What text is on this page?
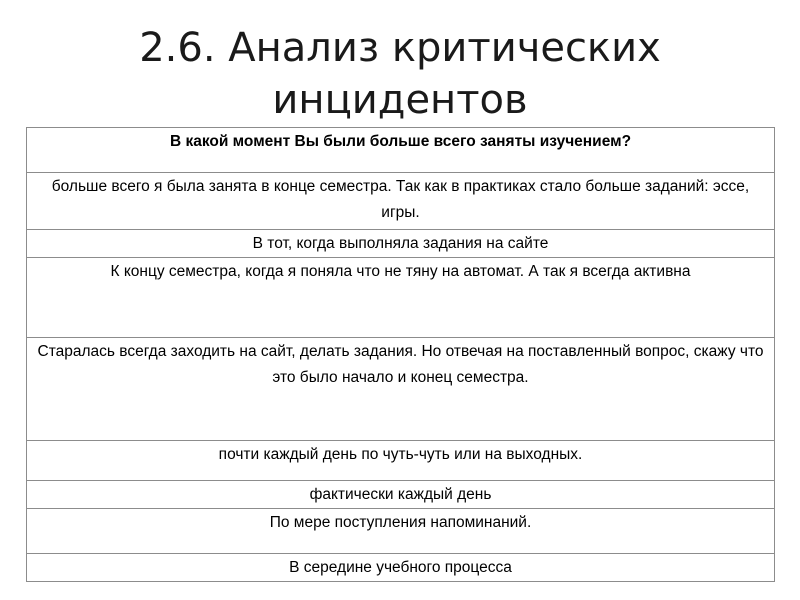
2.6. Анализ критических
инцидентов
В какой момент Вы были больше всего заняты изучением?
больше всего я была занята в конце семестра. Так как в практиках стало больше заданий: эссе, игры.
В тот, когда выполняла задания на сайте
К концу семестра, когда я поняла что не тяну на автомат. А так я всегда активна
Старалась всегда заходить на сайт, делать задания. Но отвечая на поставленный вопрос, скажу что это было начало и конец семестра.
почти каждый день по чуть-чуть или на выходных.
фактически каждый день
По мере поступления напоминаний.
В середине учебного процесса
